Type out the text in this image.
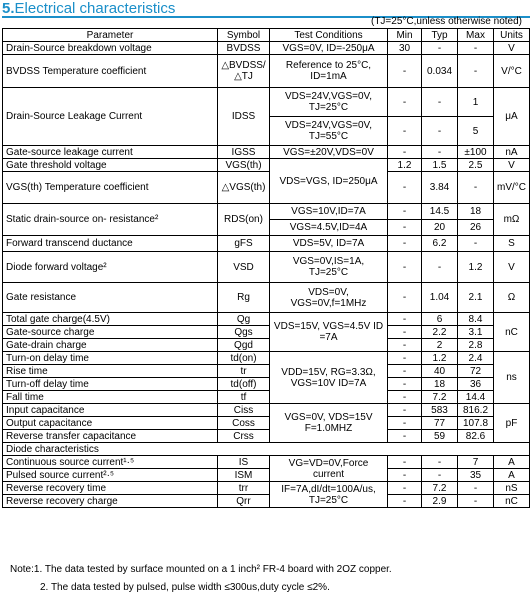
5.Electrical characteristics
(TJ=25°C,unless otherwise noted)
Parameter	Symbol	Test Conditions	Min	Typ	Max	Units
Drain-Source breakdown voltage	BVDSS	VGS=0V, ID=-250μA	30	-	-	V
BVDSS Temperature coefficient	△BVDSS/△TJ	Reference to 25°C, ID=1mA	-	0.034	-	V/°C
Drain-Source Leakage Current	IDSS	VDS=24V,VGS=0V, TJ=25°C	-	-	1	μA
		VDS=24V,VGS=0V, TJ=55°C	-	-	5	
Gate-source leakage current	IGSS	VGS=±20V,VDS=0V	-	-	±100	nA
Gate threshold voltage	VGS(th)	VDS=VGS, ID=250μA	1.2	1.5	2.5	V
VGS(th) Temperature coefficient	△VGS(th)		-	3.84	-	mV/°C
Static drain-source on- resistance²	RDS(on)	VGS=10V,ID=7A	-	14.5	18	mΩ
		VGS=4.5V,ID=4A	-	20	26	
Forward transcend ductance	gFS	VDS=5V, ID=7A	-	6.2	-	S
Diode forward voltage²	VSD	VGS=0V,IS=1A, TJ=25°C	-	-	1.2	V
Gate resistance	Rg	VDS=0V, VGS=0V,f=1MHz	-	1.04	2.1	Ω
Total gate charge(4.5V)	Qg	VDS=15V, VGS=4.5V ID =7A	-	6	8.4	nC
Gate-source charge	Qgs		-	2.2	3.1	
Gate-drain charge	Qgd		-	2	2.8	
Turn-on delay time	td(on)	VDD=15V, RG=3.3Ω, VGS=10V ID=7A	-	1.2	2.4	ns
Rise time	tr		-	40	72	
Turn-off delay time	td(off)		-	18	36	
Fall time	tf		-	7.2	14.4	
Input capacitance	Ciss	VGS=0V, VDS=15V F=1.0MHZ	-	583	816.2	pF
Output capacitance	Coss		-	77	107.8	
Reverse transfer capacitance	Crss		-	59	82.6	
Diode characteristics						
Continuous source current¹·⁵	IS	VG=VD=0V,Force current	-	-	7	A
Pulsed source current²·⁵	ISM		-	-	35	A
Reverse recovery time	trr	IF=7A,dI/dt=100A/us, TJ=25°C	-	7.2	-	nS
Reverse recovery charge	Qrr		-	2.9	-	nC
Note:1. The data tested by surface mounted on a 1 inch² FR-4 board with 2OZ copper.
2. The data tested by pulsed, pulse width ≤300us,duty cycle ≤2%.
